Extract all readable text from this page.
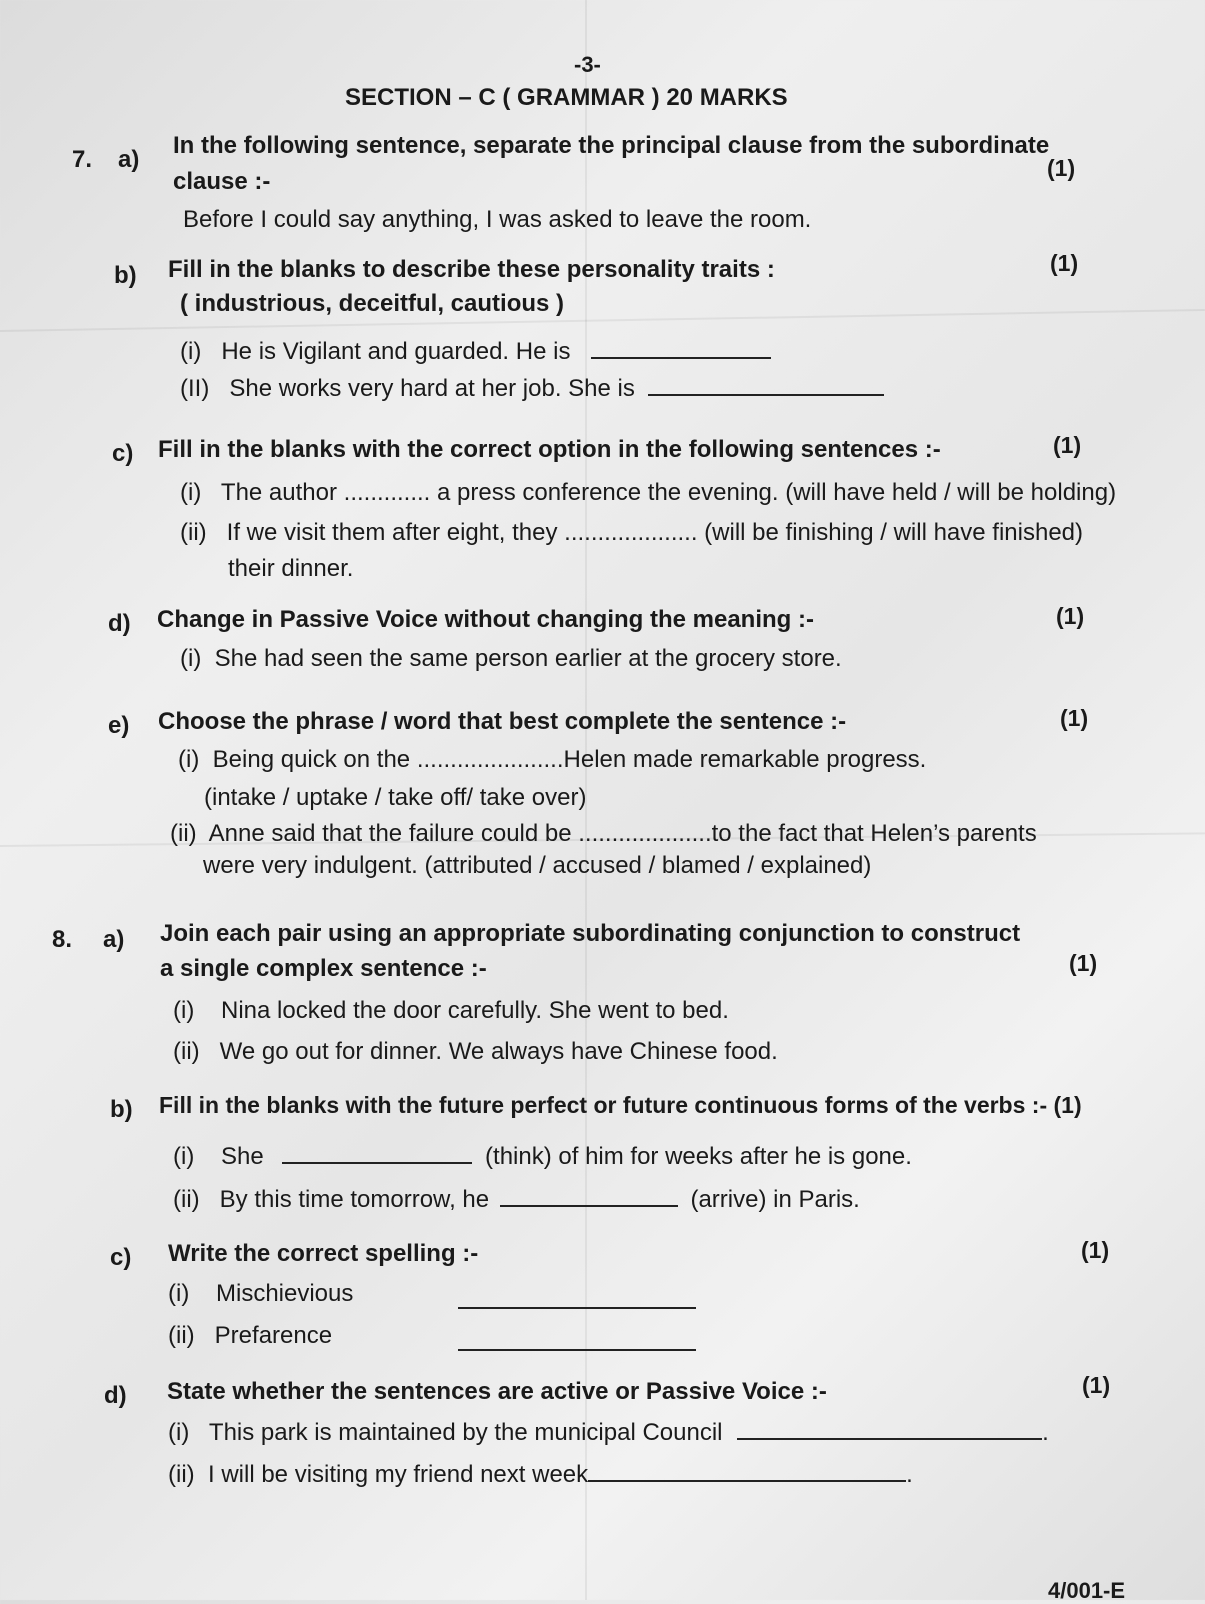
-3-
SECTION – C ( GRAMMAR ) 20 MARKS
7. a)
In the following sentence, separate the principal clause from the subordinate
clause :-	(1)
Before I could say anything, I was asked to leave the room.
b) Fill in the blanks to describe these personality traits :	(1)
( industrious, deceitful, cautious )
(i) He is Vigilant and guarded. He is
(II) She works very hard at her job. She is
c) Fill in the blanks with the correct option in the following sentences :-	(1)
(i) The author ............. a press conference the evening. (will have held / will be holding)
(ii) If we visit them after eight, they .................... (will be finishing / will have finished)
their dinner.
d) Change in Passive Voice without changing the meaning :-	(1)
(i) She had seen the same person earlier at the grocery store.
e) Choose the phrase / word that best complete the sentence :-	(1)
(i) Being quick on the ......................Helen made remarkable progress.
(intake / uptake / take off/ take over)
(ii) Anne said that the failure could be ....................to the fact that Helen’s parents
were very indulgent. (attributed / accused / blamed / explained)
8. a) Join each pair using an appropriate subordinating conjunction to construct
a single complex sentence :-	(1)
(i) Nina locked the door carefully. She went to bed.
(ii) We go out for dinner. We always have Chinese food.
b) Fill in the blanks with the future perfect or future continuous forms of the verbs :- (1)
(i) She	(think) of him for weeks after he is gone.
(ii) By this time tomorrow, he	(arrive) in Paris.
c) Write the correct spelling :-	(1)
(i) Mischievious
(ii) Prefarence
d) State whether the sentences are active or Passive Voice :-	(1)
(i) This park is maintained by the municipal Council	.
(ii) I will be visiting my friend next week	.
4/001-E
